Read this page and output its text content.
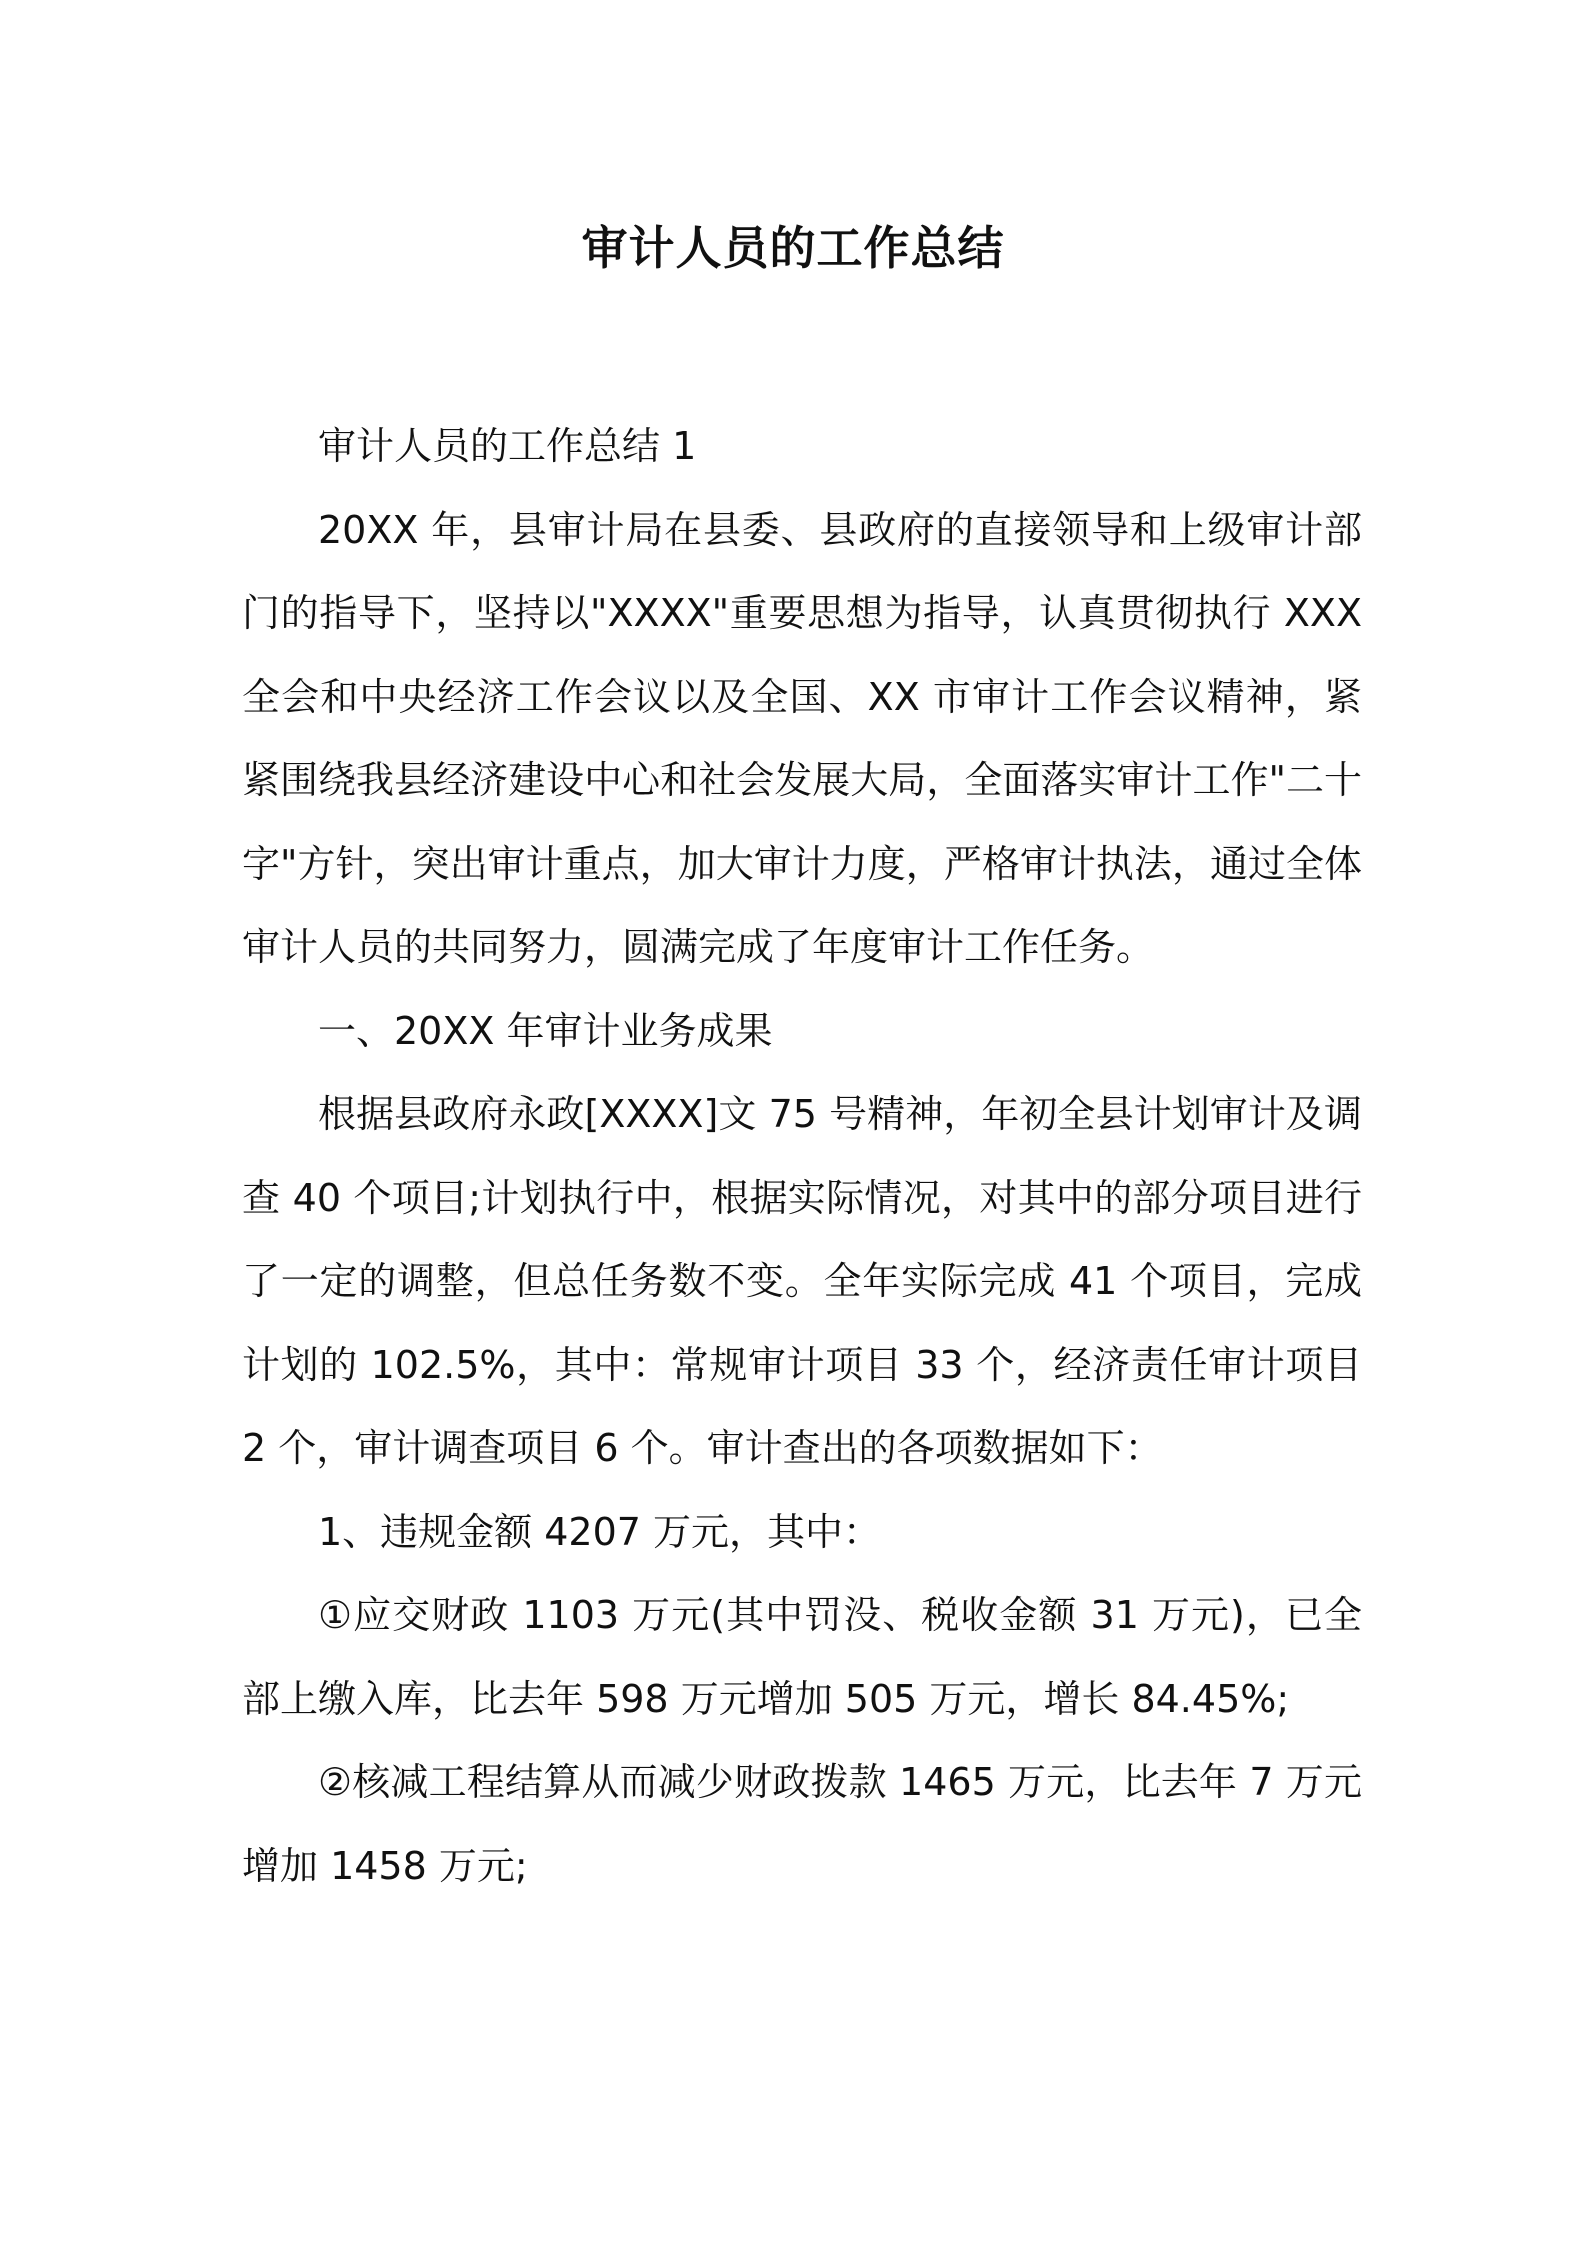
审计人员的工作总结

审计人员的工作总结 1

20XX 年，县审计局在县委、县政府的直接领导和上级审计部门的指导下，坚持以"XXXX"重要思想为指导，认真贯彻执行 XXX 全会和中央经济工作会议以及全国、XX 市审计工作会议精神，紧紧围绕我县经济建设中心和社会发展大局，全面落实审计工作"二十字"方针，突出审计重点，加大审计力度，严格审计执法，通过全体审计人员的共同努力，圆满完成了年度审计工作任务。

一、20XX 年审计业务成果

根据县政府永政[XXXX]文 75 号精神，年初全县计划审计及调查 40 个项目;计划执行中，根据实际情况，对其中的部分项目进行了一定的调整，但总任务数不变。全年实际完成 41 个项目，完成计划的 102.5%，其中：常规审计项目 33 个，经济责任审计项目 2 个，审计调查项目 6 个。审计查出的各项数据如下：

1、违规金额 4207 万元，其中：

①应交财政 1103 万元(其中罚没、税收金额 31 万元)，已全部上缴入库，比去年 598 万元增加 505 万元，增长 84.45%;

②核减工程结算从而减少财政拨款 1465 万元，比去年 7 万元增加 1458 万元;
